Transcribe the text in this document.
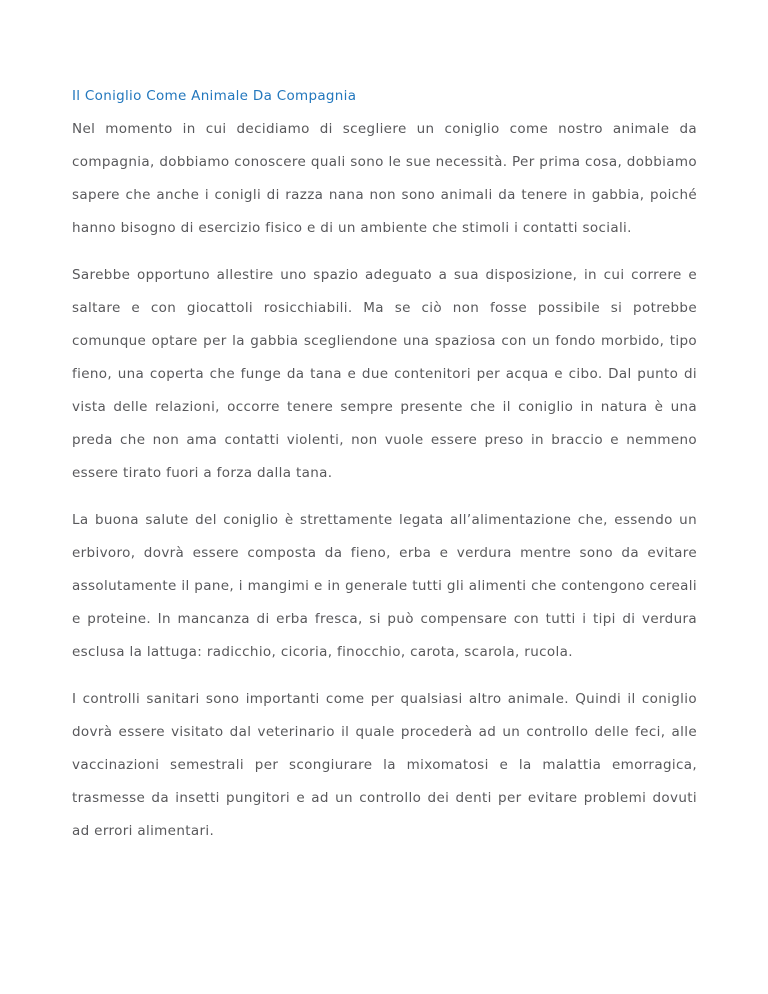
Il Coniglio Come Animale Da Compagnia

Nel momento in cui decidiamo di scegliere un coniglio come nostro animale da compagnia, dobbiamo conoscere quali sono le sue necessità. Per prima cosa, dobbiamo sapere che anche i conigli di razza nana non sono animali da tenere in gabbia, poiché hanno bisogno di esercizio fisico e di un ambiente che stimoli i contatti sociali.

Sarebbe opportuno allestire uno spazio adeguato a sua disposizione, in cui correre e saltare e con giocattoli rosicchiabili. Ma se ciò non fosse possibile si potrebbe comunque optare per la gabbia scegliendone una spaziosa con un fondo morbido, tipo fieno, una coperta che funge da tana e due contenitori per acqua e cibo. Dal punto di vista delle relazioni, occorre tenere sempre presente che il coniglio in natura è una preda che non ama contatti violenti, non vuole essere preso in braccio e nemmeno essere tirato fuori a forza dalla tana.

La buona salute del coniglio è strettamente legata all’alimentazione che, essendo un erbivoro, dovrà essere composta da fieno, erba e verdura mentre sono da evitare assolutamente il pane, i mangimi e in generale tutti gli alimenti che contengono cereali e proteine. In mancanza di erba fresca, si può compensare con tutti i tipi di verdura esclusa la lattuga: radicchio, cicoria, finocchio, carota, scarola, rucola.

I controlli sanitari sono importanti come per qualsiasi altro animale. Quindi il coniglio dovrà essere visitato dal veterinario il quale procederà ad un controllo delle feci, alle vaccinazioni semestrali per scongiurare la mixomatosi e la malattia emorragica, trasmesse da insetti pungitori e ad un controllo dei denti per evitare problemi dovuti ad errori alimentari.
